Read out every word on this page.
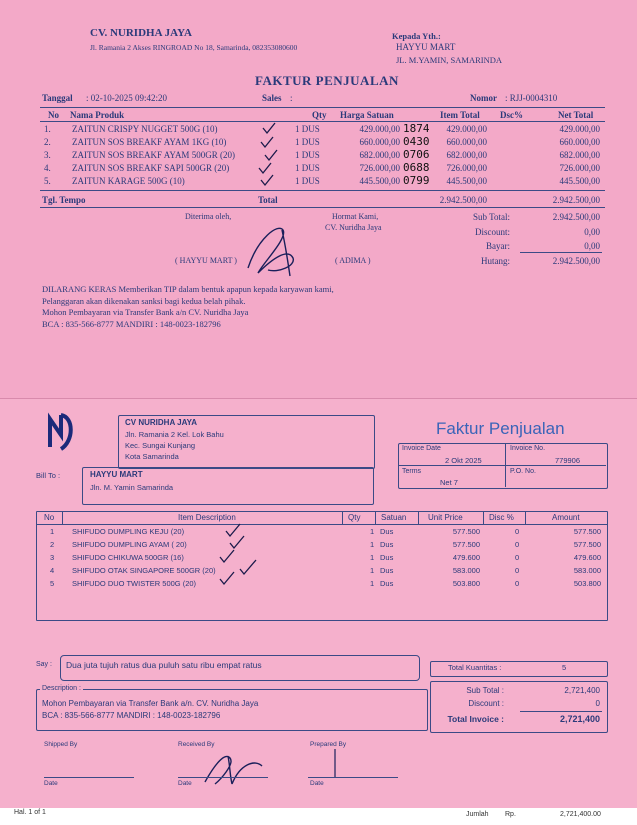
CV. NURIDHA JAYA
Jl. Ramania 2 Akses RINGROAD No 18, Samarinda, 082353080600
Kepada Yth.:
HAYYU MART
JL. M.YAMIN, SAMARINDA
FAKTUR PENJUALAN
Tanggal : 02-10-2025 09:42:20	Sales :	Nomor : RJJ-0004310
No Nama Produk	Qty Harga Satuan	Item Total Dsc%	Net Total
1. ZAITUN CRISPY NUGGET 500G (10)	1 DUS	429.000,00 1874	429.000,00	429.000,00
2. ZAITUN SOS BREAKF AYAM 1KG (10)	1 DUS	660.000,00 0430	660.000,00	660.000,00
3. ZAITUN SOS BREAKF AYAM 500GR (20)	1 DUS	682.000,00 0706	682.000,00	682.000,00
4. ZAITUN SOS BREAKF SAPI 500GR (20)	1 DUS	726.000,00 0688	726.000,00	726.000,00
5. ZAITUN KARAGE 500G (10)	1 DUS	445.500,00 0799	445.500,00	445.500,00
Tgl. Tempo	Total	2.942.500,00	2.942.500,00
Diterima oleh,	Hormat Kami,
CV. Nuridha Jaya
( HAYYU MART )	( ADIMA )
Sub Total:	2.942.500,00
Discount:	0,00
Bayar:	0,00
Hutang:	2.942.500,00
DILARANG KERAS Memberikan TIP dalam bentuk apapun kepada karyawan kami,
Pelanggaran akan dikenakan sanksi bagi kedua belah pihak.
Mohon Pembayaran via Transfer Bank a/n CV. Nuridha Jaya
BCA : 835-566-8777 MANDIRI : 148-0023-182796
CV NURIDHA JAYA
Jln. Ramania 2 Kel. Lok Bahu
Kec. Sungai Kunjang
Kota Samarinda
Bill To :	HAYYU MART
Jln. M. Yamin Samarinda
Faktur Penjualan
Invoice Date
2 Okt 2025
Invoice No.
779906
Terms
Net 7
P.O. No.
No	Item Description	Qty	Satuan	Unit Price	Disc %	Amount
1 SHIFUDO DUMPLING KEJU (20)	1 Dus	577.500	0	577.500
2 SHIFUDO DUMPLING AYAM ( 20)	1 Dus	577.500	0	577.500
3 SHIFUDO CHIKUWA 500GR (16)	1 Dus	479.600	0	479.600
4 SHIFUDO OTAK SINGAPORE 500GR (20)	1 Dus	583.000	0	583.000
5 SHIFUDO DUO TWISTER 500G (20)	1 Dus	503.800	0	503.800
Say : Dua juta tujuh ratus dua puluh satu ribu empat ratus	Total Kuantitas :	5
Description :
Mohon Pembayaran via Transfer Bank a/n. CV. Nuridha Jaya
BCA : 835-566-8777 MANDIRI : 148-0023-182796
Sub Total :	2,721,400
Discount :	0
Total Invoice :	2,721,400
Shipped By	Received By	Prepared By
Date	Date	Date
Hal. 1 of 1	Jumlah Rp.	2,721,400.00
